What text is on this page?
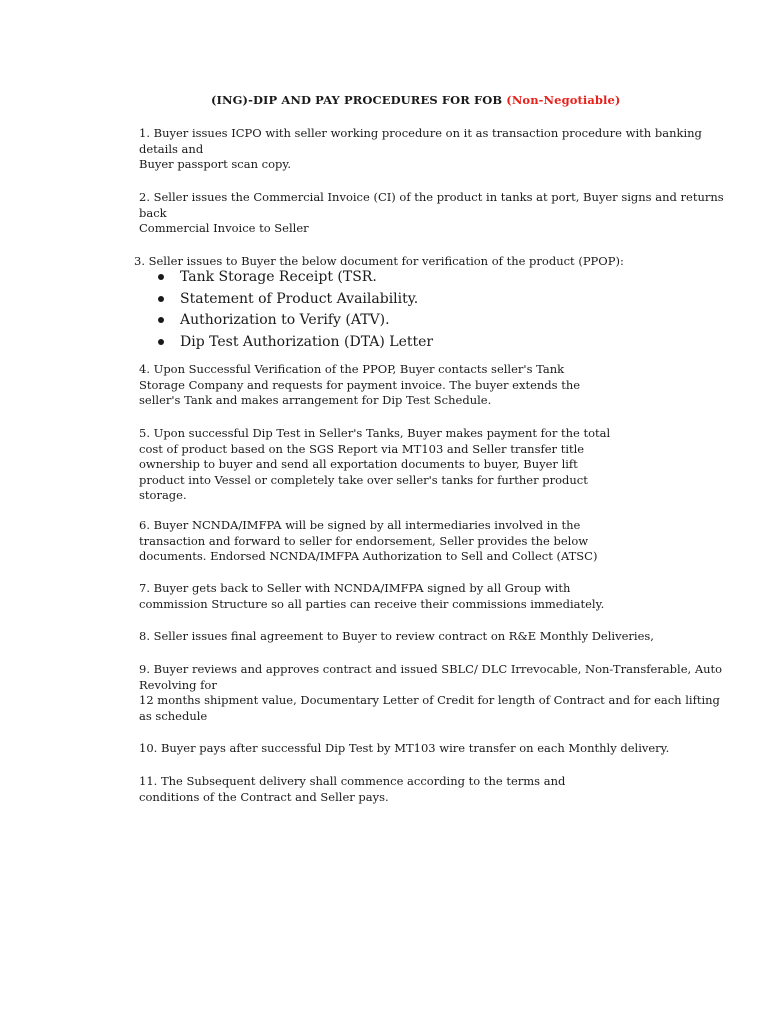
(ING)-DIP AND PAY PROCEDURES FOR FOB (Non-Negotiable)
1. Buyer issues ICPO with seller working procedure on it as transaction procedure with banking
details and
Buyer passport scan copy.
2. Seller issues the Commercial Invoice (CI) of the product in tanks at port, Buyer signs and returns
back
Commercial Invoice to Seller
3. Seller issues to Buyer the below document for verification of the product (PPOP):
Tank Storage Receipt (TSR.
Statement of Product Availability.
Authorization to Verify (ATV).
Dip Test Authorization (DTA) Letter
4. Upon Successful Verification of the PPOP, Buyer contacts seller's Tank
Storage Company and requests for payment invoice. The buyer extends the
seller's Tank and makes arrangement for Dip Test Schedule.
5. Upon successful Dip Test in Seller's Tanks, Buyer makes payment for the total
cost of product based on the SGS Report via MT103 and Seller transfer title
ownership to buyer and send all exportation documents to buyer, Buyer lift
product into Vessel or completely take over seller's tanks for further product
storage.
6. Buyer NCNDA/IMFPA will be signed by all intermediaries involved in the
transaction and forward to seller for endorsement, Seller provides the below
documents. Endorsed NCNDA/IMFPA Authorization to Sell and Collect (ATSC)
7. Buyer gets back to Seller with NCNDA/IMFPA signed by all Group with
commission Structure so all parties can receive their commissions immediately.
8. Seller issues final agreement to Buyer to review contract on R&E Monthly Deliveries,
9. Buyer reviews and approves contract and issued SBLC/ DLC Irrevocable, Non-Transferable, Auto
Revolving for
12 months shipment value, Documentary Letter of Credit for length of Contract and for each lifting
as schedule
10. Buyer pays after successful Dip Test by MT103 wire transfer on each Monthly delivery.
11. The Subsequent delivery shall commence according to the terms and
conditions of the Contract and Seller pays.
